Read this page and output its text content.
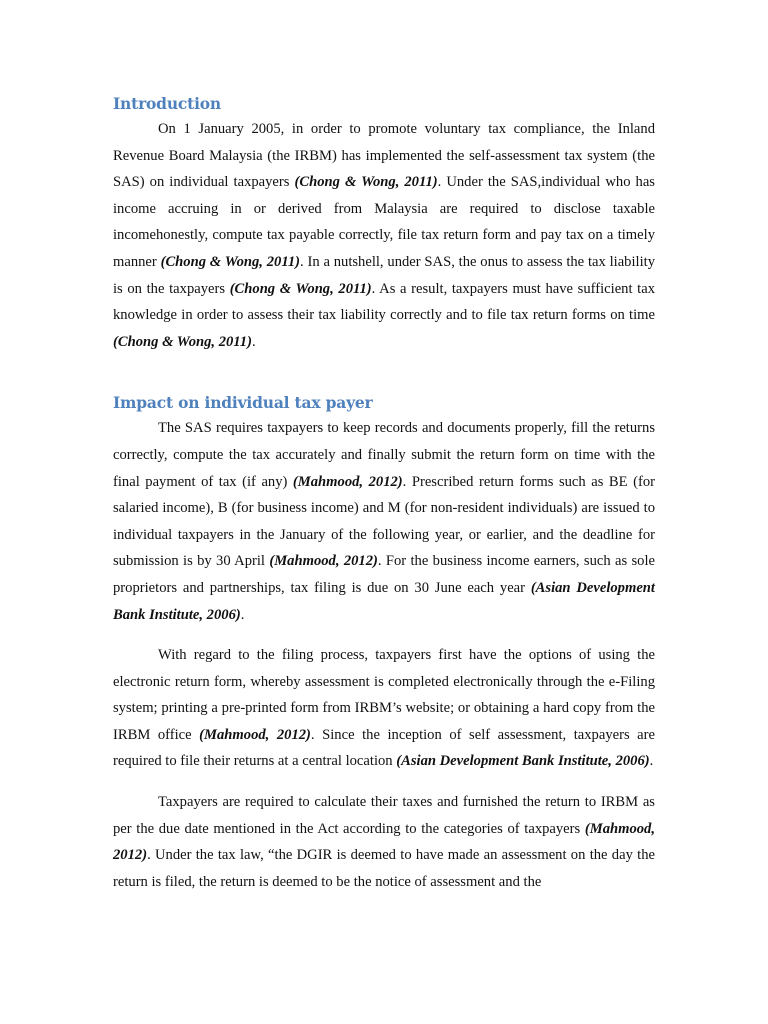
Introduction

On 1 January 2005, in order to promote voluntary tax compliance, the Inland Revenue Board Malaysia (the IRBM) has implemented the self-assessment tax system (the SAS) on individual taxpayers (Chong & Wong, 2011). Under the SAS,individual who has income accruing in or derived from Malaysia are required to disclose taxable incomehonestly, compute tax payable correctly, file tax return form and pay tax on a timely manner (Chong & Wong, 2011). In a nutshell, under SAS, the onus to assess the tax liability is on the taxpayers (Chong & Wong, 2011). As a result, taxpayers must have sufficient tax knowledge in order to assess their tax liability correctly and to file tax return forms on time (Chong & Wong, 2011).

Impact on individual tax payer

The SAS requires taxpayers to keep records and documents properly, fill the returns correctly, compute the tax accurately and finally submit the return form on time with the final payment of tax (if any) (Mahmood, 2012). Prescribed return forms such as BE (for salaried income), B (for business income) and M (for non-resident individuals) are issued to individual taxpayers in the January of the following year, or earlier, and the deadline for submission is by 30 April (Mahmood, 2012). For the business income earners, such as sole proprietors and partnerships, tax filing is due on 30 June each year (Asian Development Bank Institute, 2006).

With regard to the filing process, taxpayers first have the options of using the electronic return form, whereby assessment is completed electronically through the e-Filing system; printing a pre-printed form from IRBM’s website; or obtaining a hard copy from the IRBM office (Mahmood, 2012). Since the inception of self assessment, taxpayers are required to file their returns at a central location (Asian Development Bank Institute, 2006).

Taxpayers are required to calculate their taxes and furnished the return to IRBM as per the due date mentioned in the Act according to the categories of taxpayers (Mahmood, 2012). Under the tax law, “the DGIR is deemed to have made an assessment on the day the return is filed, the return is deemed to be the notice of assessment and the
